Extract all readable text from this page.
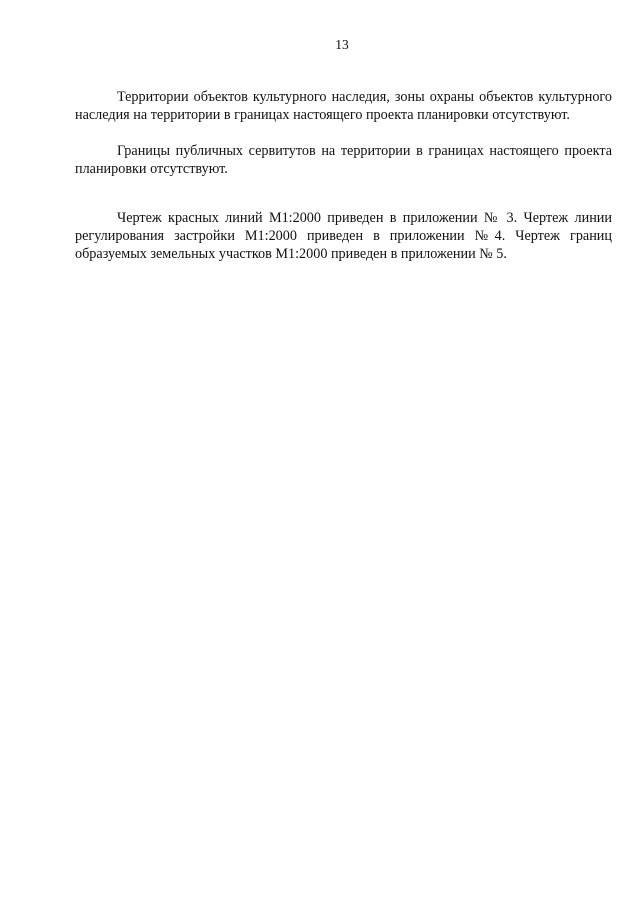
13

Территории объектов культурного наследия, зоны охраны объектов культурного наследия на территории в границах настоящего проекта планировки отсутствуют.

Границы публичных сервитутов на территории в границах настоящего проекта планировки отсутствуют.

Чертеж красных линий М1:2000 приведен в приложении № 3. Чертеж линии регулирования застройки М1:2000 приведен в приложении №4. Чертеж границ образуемых земельных участков М1:2000 приведен в приложении № 5.
